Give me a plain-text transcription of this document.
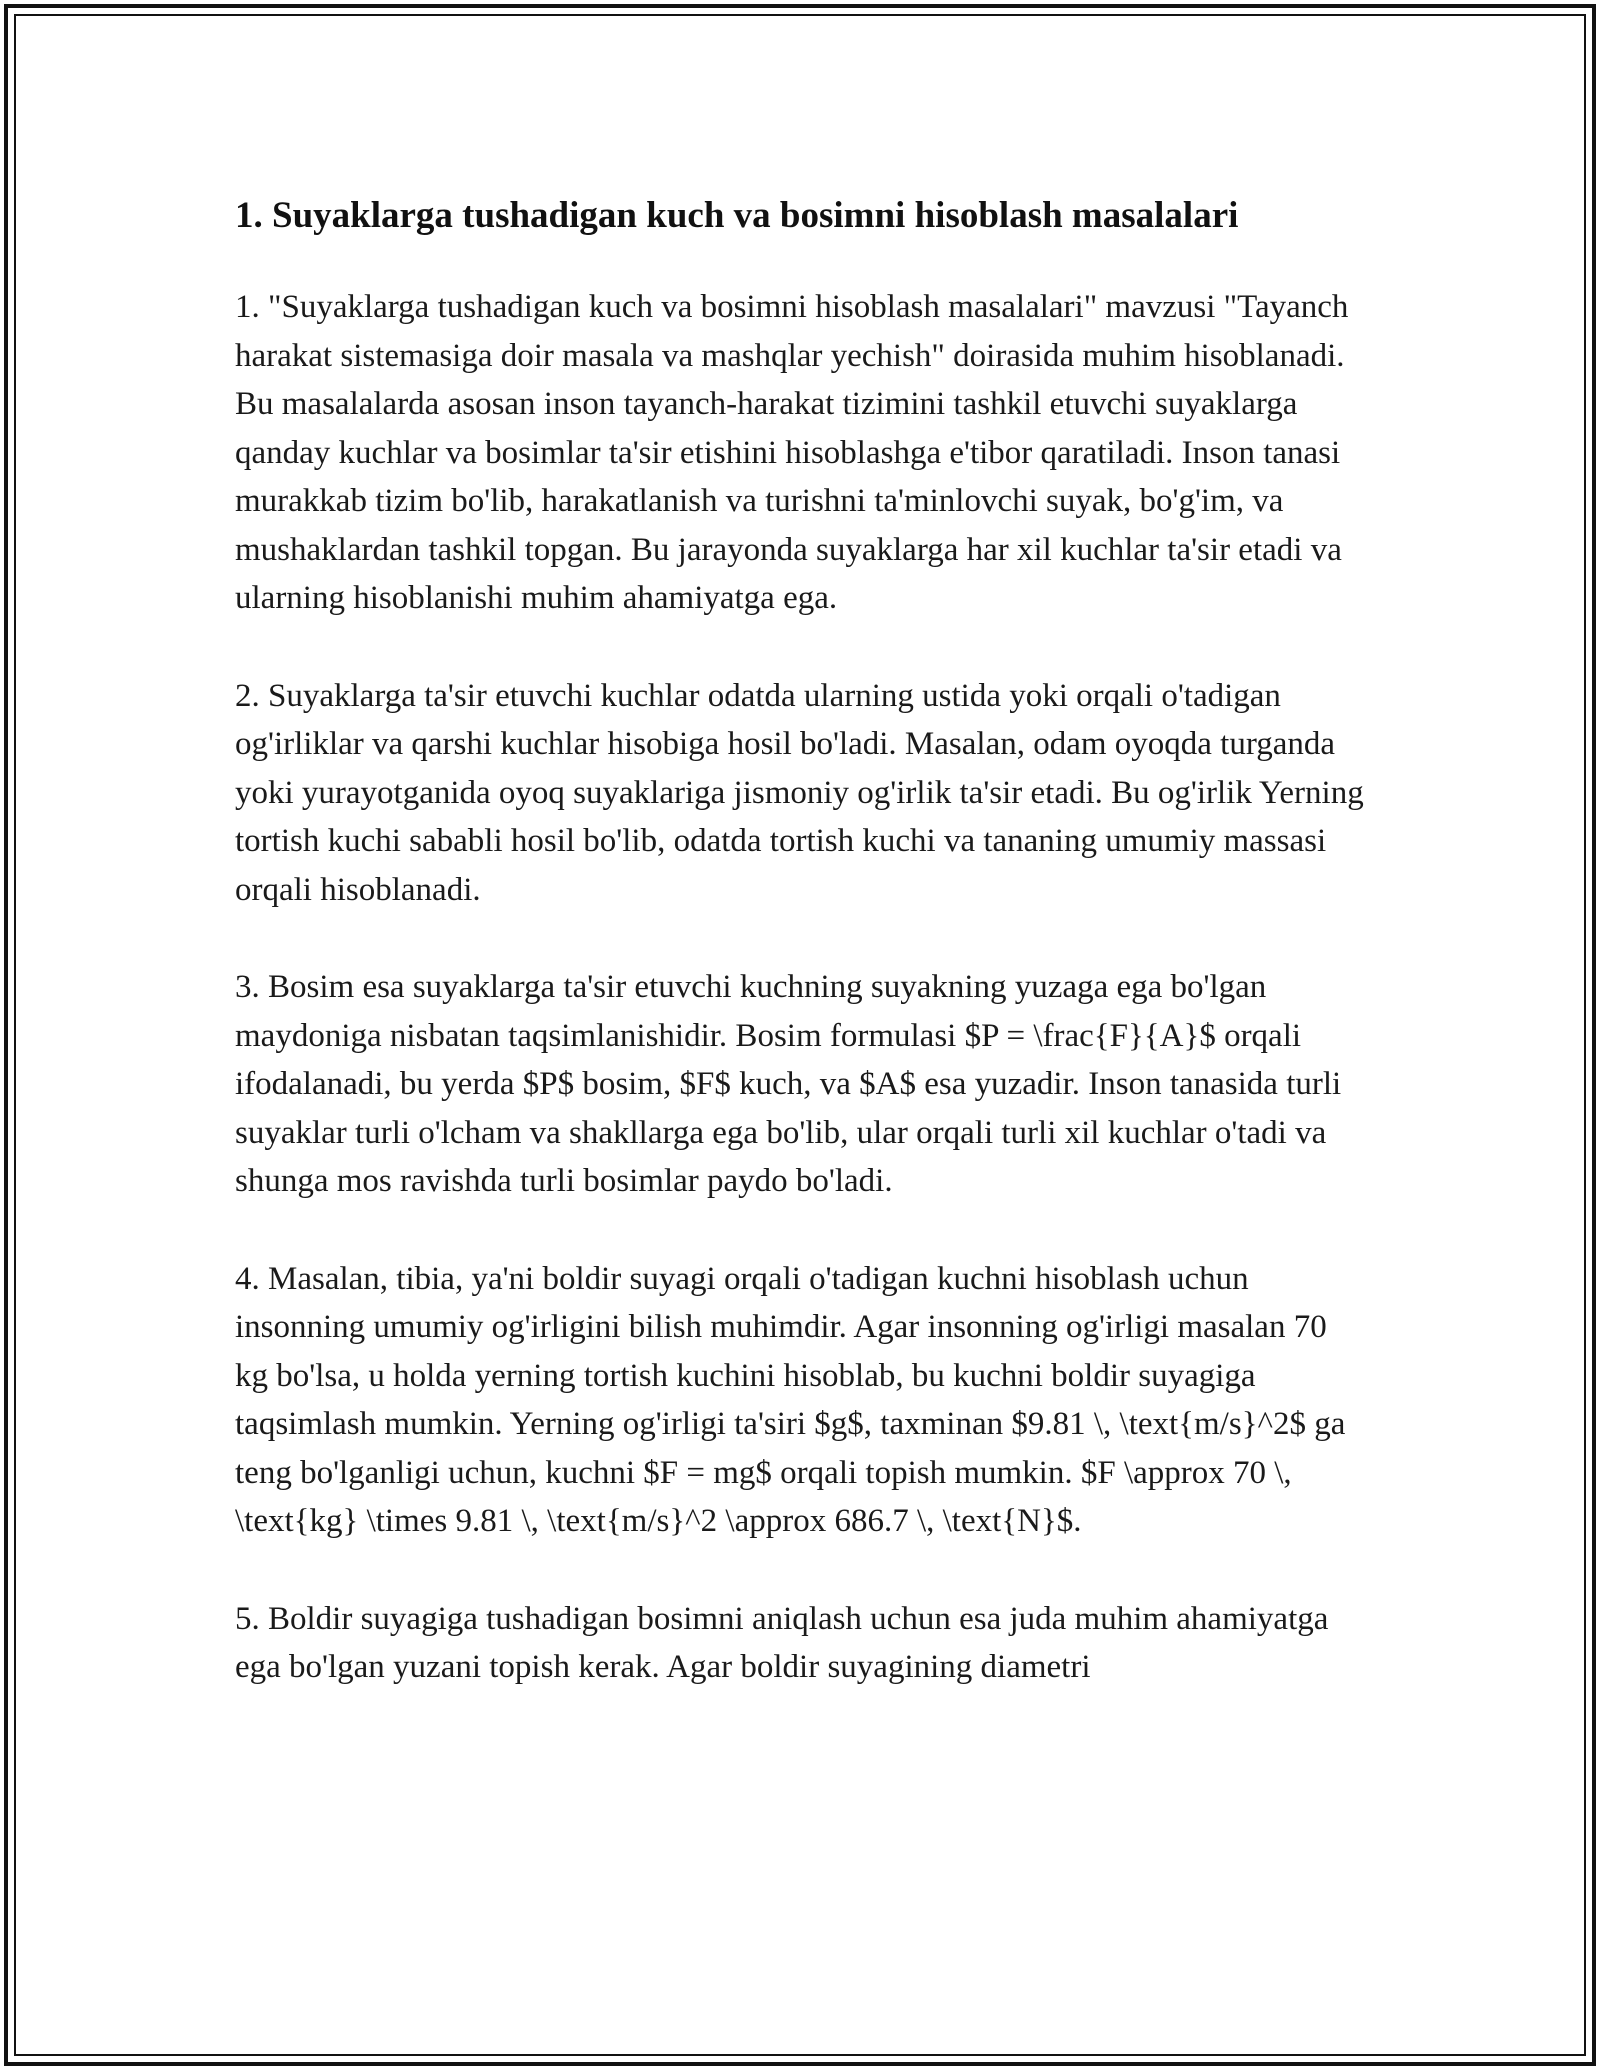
1. Suyaklarga tushadigan kuch va bosimni hisoblash masalalari

1. "Suyaklarga tushadigan kuch va bosimni hisoblash masalalari" mavzusi "Tayanch harakat sistemasiga doir masala va mashqlar yechish" doirasida muhim hisoblanadi. Bu masalalarda asosan inson tayanch-harakat tizimini tashkil etuvchi suyaklarga qanday kuchlar va bosimlar ta'sir etishini hisoblashga e'tibor qaratiladi. Inson tanasi murakkab tizim bo'lib, harakatlanish va turishni ta'minlovchi suyak, bo'g'im, va mushaklardan tashkil topgan. Bu jarayonda suyaklarga har xil kuchlar ta'sir etadi va ularning hisoblanishi muhim ahamiyatga ega.

2. Suyaklarga ta'sir etuvchi kuchlar odatda ularning ustida yoki orqali o'tadigan og'irliklar va qarshi kuchlar hisobiga hosil bo'ladi. Masalan, odam oyoqda turganda yoki yurayotganida oyoq suyaklariga jismoniy og'irlik ta'sir etadi. Bu og'irlik Yerning tortish kuchi sababli hosil bo'lib, odatda tortish kuchi va tananing umumiy massasi orqali hisoblanadi.

3. Bosim esa suyaklarga ta'sir etuvchi kuchning suyakning yuzaga ega bo'lgan maydoniga nisbatan taqsimlanishidir. Bosim formulasi $P = \frac{F}{A}$ orqali ifodalanadi, bu yerda $P$ bosim, $F$ kuch, va $A$ esa yuzadir. Inson tanasida turli suyaklar turli o'lcham va shakllarga ega bo'lib, ular orqali turli xil kuchlar o'tadi va shunga mos ravishda turli bosimlar paydo bo'ladi.

4. Masalan, tibia, ya'ni boldir suyagi orqali o'tadigan kuchni hisoblash uchun insonning umumiy og'irligini bilish muhimdir. Agar insonning og'irligi masalan 70 kg bo'lsa, u holda yerning tortish kuchini hisoblab, bu kuchni boldir suyagiga taqsimlash mumkin. Yerning og'irligi ta'siri $g$, taxminan $9.81 \, \text{m/s}^2$ ga teng bo'lganligi uchun, kuchni $F = mg$ orqali topish mumkin. $F \approx 70 \, \text{kg} \times 9.81 \, \text{m/s}^2 \approx 686.7 \, \text{N}$.

5. Boldir suyagiga tushadigan bosimni aniqlash uchun esa juda muhim ahamiyatga ega bo'lgan yuzani topish kerak. Agar boldir suyagining diametri
